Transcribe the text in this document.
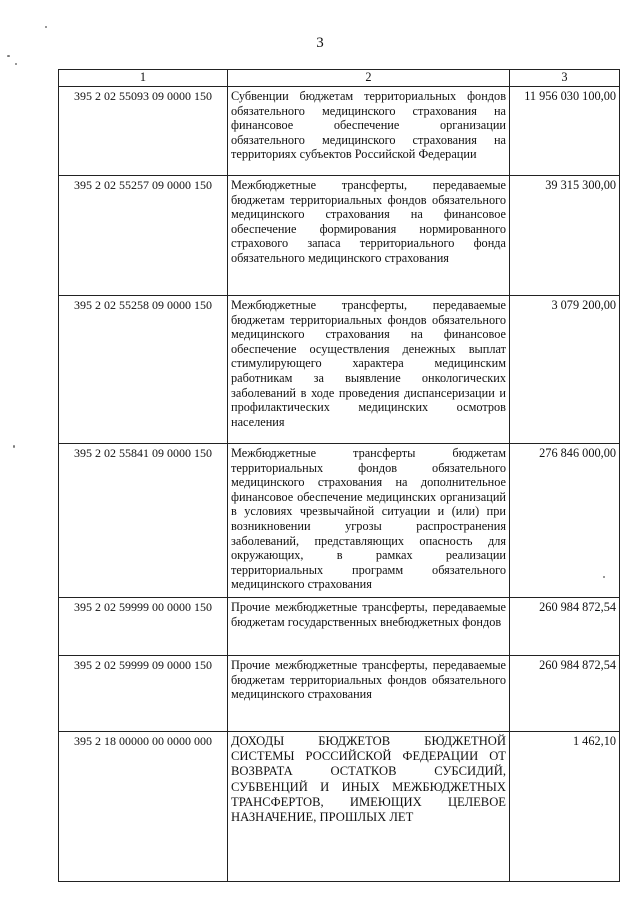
3
1	2	3
395 2 02 55093 09 0000 150	Субвенции бюджетам территориальных фондов обязательного медицинского страхования на финансовое обеспечение организации обязательного медицинского страхования на территориях субъектов Российской Федерации	11 956 030 100,00
395 2 02 55257 09 0000 150	Межбюджетные трансферты, передаваемые бюджетам территориальных фондов обязательного медицинского страхования на финансовое обеспечение формирования нормированного страхового запаса территориального фонда обязательного медицинского страхования	39 315 300,00
395 2 02 55258 09 0000 150	Межбюджетные трансферты, передаваемые бюджетам территориальных фондов обязательного медицинского страхования на финансовое обеспечение осуществления денежных выплат стимулирующего характера медицинским работникам за выявление онкологических заболеваний в ходе проведения диспансеризации и профилактических медицинских осмотров населения	3 079 200,00
395 2 02 55841 09 0000 150	Межбюджетные трансферты бюджетам территориальных фондов обязательного медицинского страхования на дополнительное финансовое обеспечение медицинских организаций в условиях чрезвычайной ситуации и (или) при возникновении угрозы распространения заболеваний, представляющих опасность для окружающих, в рамках реализации территориальных программ обязательного медицинского страхования	276 846 000,00
395 2 02 59999 00 0000 150	Прочие межбюджетные трансферты, передаваемые бюджетам государственных внебюджетных фондов	260 984 872,54
395 2 02 59999 09 0000 150	Прочие межбюджетные трансферты, передаваемые бюджетам территориальных фондов обязательного медицинского страхования	260 984 872,54
395 2 18 00000 00 0000 000	ДОХОДЫ БЮДЖЕТОВ БЮДЖЕТНОЙ СИСТЕМЫ РОССИЙСКОЙ ФЕДЕРАЦИИ ОТ ВОЗВРАТА ОСТАТКОВ СУБСИДИЙ, СУБВЕНЦИЙ И ИНЫХ МЕЖБЮДЖЕТНЫХ ТРАНСФЕРТОВ, ИМЕЮЩИХ ЦЕЛЕВОЕ НАЗНАЧЕНИЕ, ПРОШЛЫХ ЛЕТ	1 462,10
